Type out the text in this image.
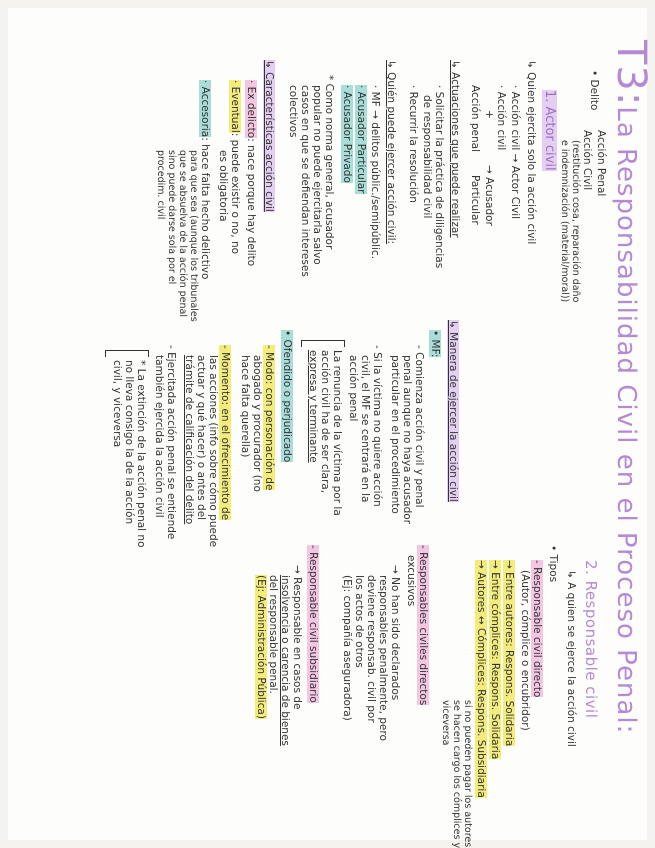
T3:La Responsabilidad Civil en el Proceso Penal:
• Delito
Acción Penal
Acción Civil
(restitución cosa, reparación daño
e indemnización (material/moral))
1. Actor civil
↳ Quien ejercita solo la acción civil
· Acción civil → Actor Civil
· Acción civil
+
→ Acusador
Acción penal
Particular
↳ Actuaciones que puede realizar
· Solicitar la práctica de diligencias
de responsabilidad civil
· Recurrir la resolución
↳ Quién puede ejercer acción civil:
· MF → delitos públic./semipúblic.
· Acusador Particular
· Acusador Privado
* Como norma general, acusador
popular no puede ejercitarla salvo
casos en que se defiendan intereses
colectivos
↳ Características acción civil
· Ex delicto: nace porque hay delito
· Eventual: puede existir o no, no
es obligatoria
· Accesoria: hace falta hecho delictivo
para que sea (aunque los tribunales
que se absuelva de la acción penal
sino puede darse sola por el
procedim. civil
↳ Manera de ejercer la acción civil
• MF:
- Comienza acción civil y penal
penal aunque no haya acusador
particular en el procedimiento
- Si la víctima no quiere acción
civil, el MF se centrará en la
acción penal
La renuncia de la víctima por la
acción civil ha de ser clara,
expresa y terminante
• Ofendido o perjudicado
- Modo: con personación de
abogado y procurador (no
hace falta querella)
- Momento: en el ofrecimiento de
las acciones (info sobre cómo puede
actuar y qué hacer) o antes del
trámite de calificación del delito
- Ejercitada acción penal se entiende
también ejercida la acción civil
* La extinción de la acción penal no
no lleva consigo la de la acción
civil, y viceversa
2. Responsable civil
↳ A quien se ejerce la acción civil
• Tipos
- Responsable civil directo
(Autor, cómplice o encubridor)
→ Entre autores: Respons. Solidaria
→ Entre cómplices: Respons. Solidaria
→ Autores ↔ Cómplices: Respons. Subsidiaria
si no pueden pagar los autores
se hacen cargo los cómplices y
viceversa
- Responsables civiles directos
excusivos
→ No han sido declarados
responsables penalmente, pero
deviene responsab. civil por
los actos de otros
(Ej: compañía aseguradora)
- Responsable civil subsidiario
→ Responsable en casos de
insolvencia o carencia de bienes
del responsable penal.
(Ej: Administración Pública)
